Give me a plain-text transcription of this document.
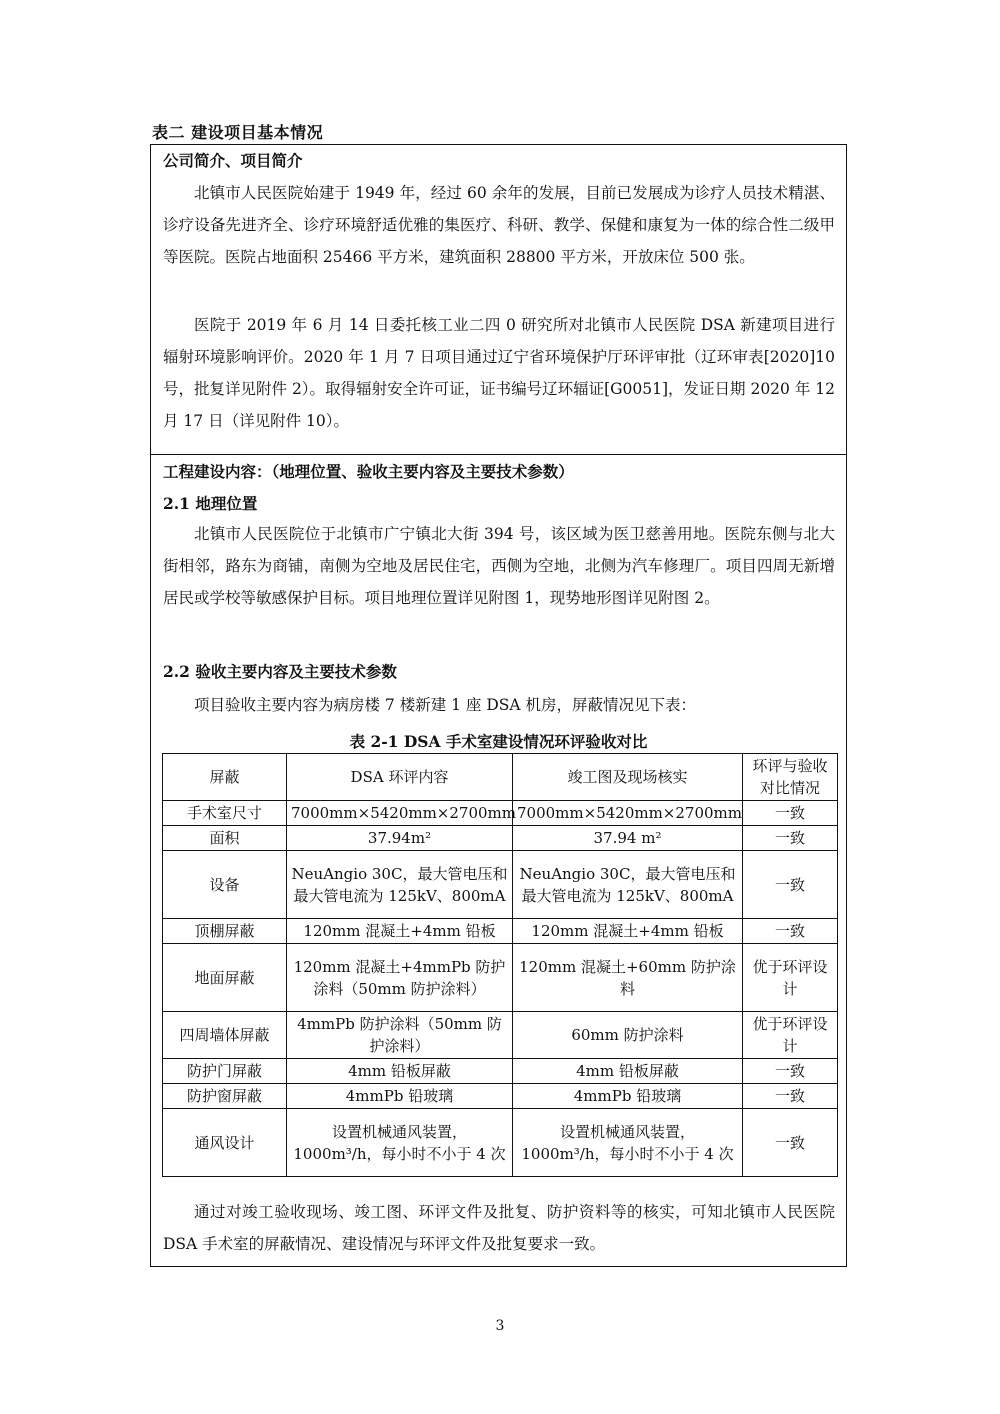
表二 建设项目基本情况
公司简介、项目简介
北镇市人民医院始建于 1949 年，经过 60 余年的发展，目前已发展成为诊疗人员技术精湛、诊疗设备先进齐全、诊疗环境舒适优雅的集医疗、科研、教学、保健和康复为一体的综合性二级甲等医院。医院占地面积 25466 平方米，建筑面积 28800 平方米，开放床位 500 张。
医院于 2019 年 6 月 14 日委托核工业二四 0 研究所对北镇市人民医院 DSA 新建项目进行辐射环境影响评价。2020 年 1 月 7 日项目通过辽宁省环境保护厅环评审批（辽环审表[2020]10 号，批复详见附件 2）。取得辐射安全许可证，证书编号辽环辐证[G0051]，发证日期 2020 年 12 月 17 日（详见附件 10）。
工程建设内容：（地理位置、验收主要内容及主要技术参数）
2.1 地理位置
北镇市人民医院位于北镇市广宁镇北大街 394 号，该区域为医卫慈善用地。医院东侧与北大街相邻，路东为商铺，南侧为空地及居民住宅，西侧为空地，北侧为汽车修理厂。项目四周无新增居民或学校等敏感保护目标。项目地理位置详见附图 1，现势地形图详见附图 2。
2.2 验收主要内容及主要技术参数
项目验收主要内容为病房楼 7 楼新建 1 座 DSA 机房，屏蔽情况见下表：
表 2-1 DSA 手术室建设情况环评验收对比
屏蔽	DSA 环评内容	竣工图及现场核实	环评与验收对比情况
手术室尺寸	7000mm×5420mm×2700mm	7000mm×5420mm×2700mm	一致
面积	37.94m²	37.94 m²	一致
设备	NeuAngio 30C，最大管电压和最大管电流为 125kV、800mA	NeuAngio 30C，最大管电压和最大管电流为 125kV、800mA	一致
顶棚屏蔽	120mm 混凝土+4mm 铅板	120mm 混凝土+4mm 铅板	一致
地面屏蔽	120mm 混凝土+4mmPb 防护涂料（50mm 防护涂料）	120mm 混凝土+60mm 防护涂料	优于环评设计
四周墙体屏蔽	4mmPb 防护涂料（50mm 防护涂料）	60mm 防护涂料	优于环评设计
防护门屏蔽	4mm 铅板屏蔽	4mm 铅板屏蔽	一致
防护窗屏蔽	4mmPb 铅玻璃	4mmPb 铅玻璃	一致
通风设计	设置机械通风装置，1000m³/h，每小时不小于 4 次	设置机械通风装置，1000m³/h，每小时不小于 4 次	一致
通过对竣工验收现场、竣工图、环评文件及批复、防护资料等的核实，可知北镇市人民医院 DSA 手术室的屏蔽情况、建设情况与环评文件及批复要求一致。
3
